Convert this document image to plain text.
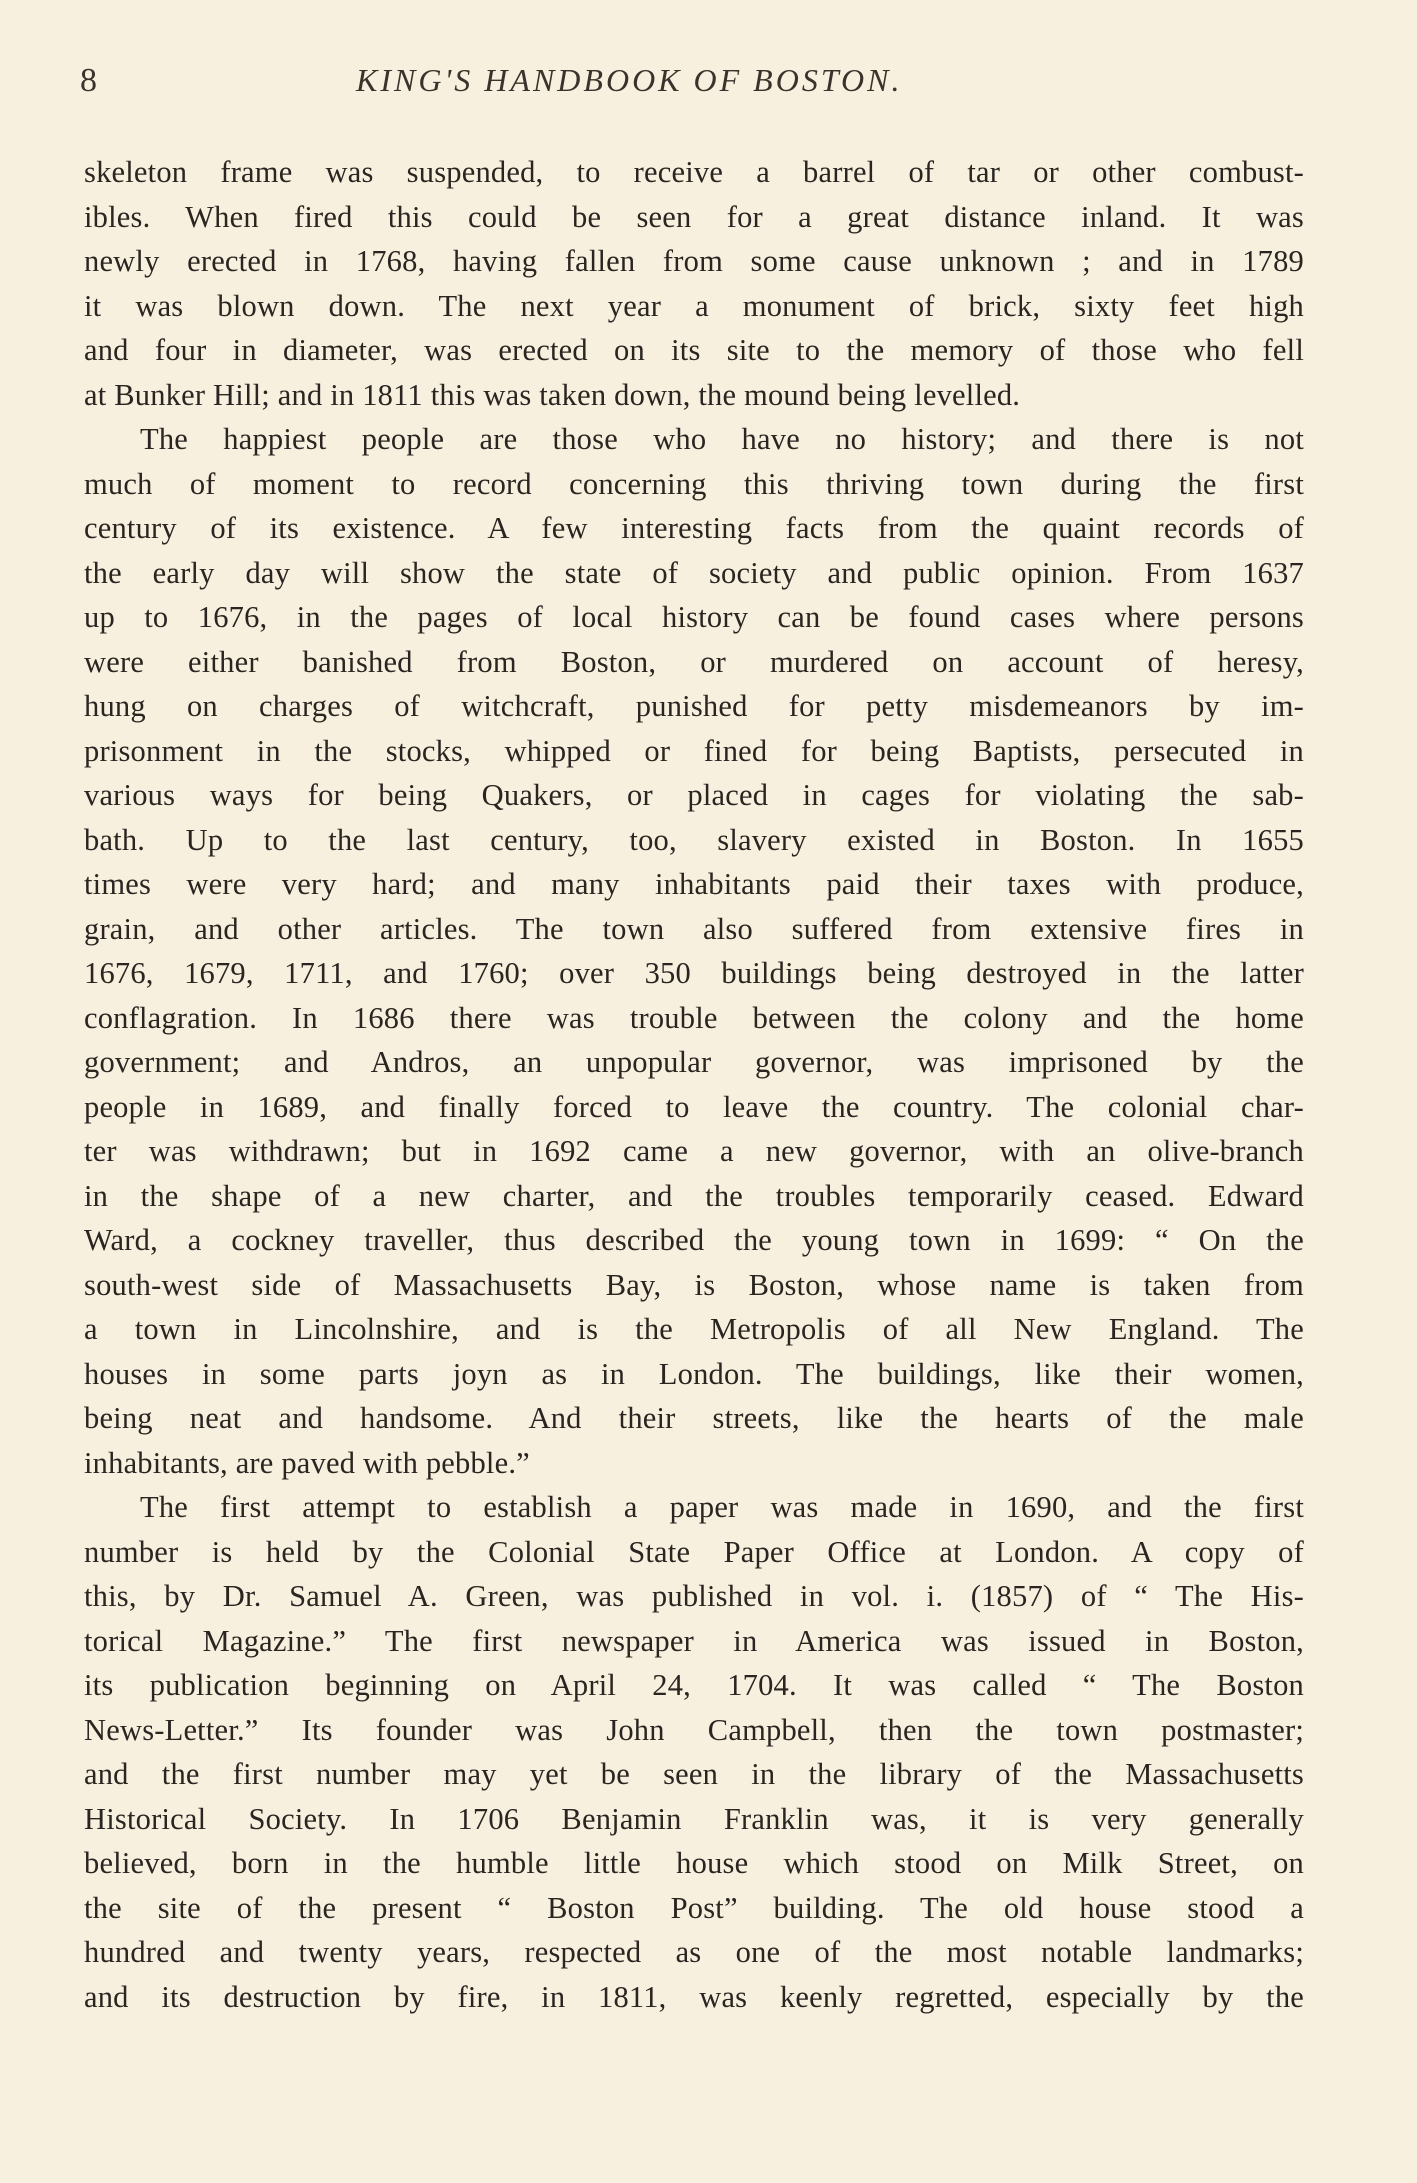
8	KING'S HANDBOOK OF BOSTON.
skeleton frame was suspended, to receive a barrel of tar or other combust-
ibles. When fired this could be seen for a great distance inland. It was
newly erected in 1768, having fallen from some cause unknown ; and in 1789
it was blown down. The next year a monument of brick, sixty feet high
and four in diameter, was erected on its site to the memory of those who fell
at Bunker Hill; and in 1811 this was taken down, the mound being levelled.
The happiest people are those who have no history; and there is not
much of moment to record concerning this thriving town during the first
century of its existence. A few interesting facts from the quaint records of
the early day will show the state of society and public opinion. From 1637
up to 1676, in the pages of local history can be found cases where persons
were either banished from Boston, or murdered on account of heresy,
hung on charges of witchcraft, punished for petty misdemeanors by im-
prisonment in the stocks, whipped or fined for being Baptists, persecuted in
various ways for being Quakers, or placed in cages for violating the sab-
bath. Up to the last century, too, slavery existed in Boston. In 1655
times were very hard; and many inhabitants paid their taxes with produce,
grain, and other articles. The town also suffered from extensive fires in
1676, 1679, 1711, and 1760; over 350 buildings being destroyed in the latter
conflagration. In 1686 there was trouble between the colony and the home
government; and Andros, an unpopular governor, was imprisoned by the
people in 1689, and finally forced to leave the country. The colonial char-
ter was withdrawn; but in 1692 came a new governor, with an olive-branch
in the shape of a new charter, and the troubles temporarily ceased. Edward
Ward, a cockney traveller, thus described the young town in 1699: “ On the
south-west side of Massachusetts Bay, is Boston, whose name is taken from
a town in Lincolnshire, and is the Metropolis of all New England. The
houses in some parts joyn as in London. The buildings, like their women,
being neat and handsome. And their streets, like the hearts of the male
inhabitants, are paved with pebble.”
The first attempt to establish a paper was made in 1690, and the first
number is held by the Colonial State Paper Office at London. A copy of
this, by Dr. Samuel A. Green, was published in vol. i. (1857) of “ The His-
torical Magazine.” The first newspaper in America was issued in Boston,
its publication beginning on April 24, 1704. It was called “ The Boston
News-Letter.” Its founder was John Campbell, then the town postmaster;
and the first number may yet be seen in the library of the Massachusetts
Historical Society. In 1706 Benjamin Franklin was, it is very generally
believed, born in the humble little house which stood on Milk Street, on
the site of the present “ Boston Post” building. The old house stood a
hundred and twenty years, respected as one of the most notable landmarks;
and its destruction by fire, in 1811, was keenly regretted, especially by the
